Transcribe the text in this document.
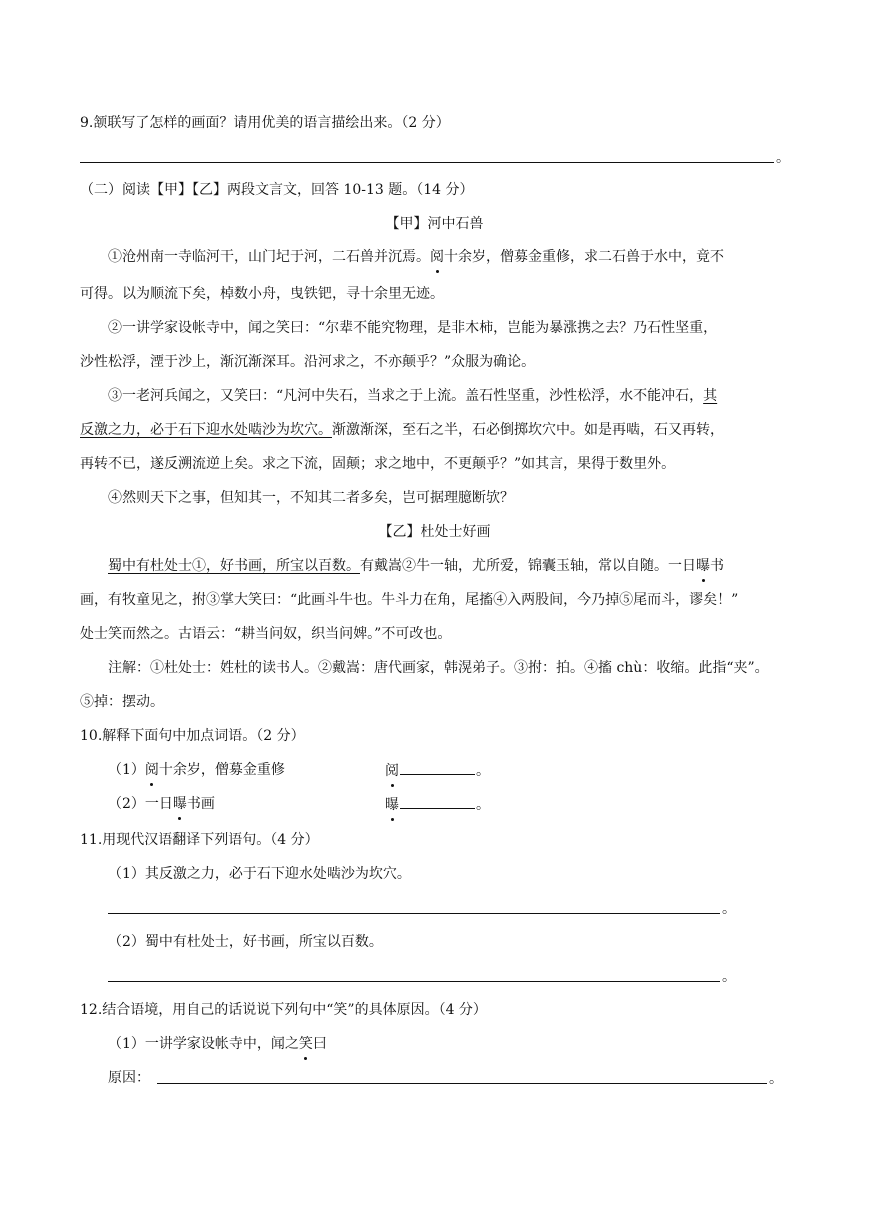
9.颔联写了怎样的画面？请用优美的语言描绘出来。（2 分）
。
（二）阅读【甲】【乙】两段文言文，回答 10-13 题。（14 分）
【甲】河中石兽
①沧州南一寺临河干，山门圮于河，二石兽并沉焉。阅十余岁，僧募金重修，求二石兽于水中，竟不
可得。以为顺流下矣，棹数小舟，曳铁钯，寻十余里无迹。
②一讲学家设帐寺中，闻之笑曰：“尔辈不能究物理，是非木柿，岂能为暴涨携之去？乃石性坚重，
沙性松浮，湮于沙上，渐沉渐深耳。沿河求之，不亦颠乎？”众服为确论。
③一老河兵闻之，又笑曰：“凡河中失石，当求之于上流。盖石性坚重，沙性松浮，水不能冲石，其
反激之力，必于石下迎水处啮沙为坎穴。渐激渐深，至石之半，石必倒掷坎穴中。如是再啮，石又再转，
再转不已，遂反溯流逆上矣。求之下流，固颠；求之地中，不更颠乎？”如其言，果得于数里外。
④然则天下之事，但知其一，不知其二者多矣，岂可据理臆断欤？
【乙】杜处士好画
蜀中有杜处士①，好书画，所宝以百数。有戴嵩②牛一轴，尤所爱，锦囊玉轴，常以自随。一日曝书
画，有牧童见之，拊③掌大笑曰：“此画斗牛也。牛斗力在角，尾搐④入两股间，今乃掉⑤尾而斗，谬矣！”
处士笑而然之。古语云：“耕当问奴，织当问婢。”不可改也。
注解：①杜处士：姓杜的读书人。②戴嵩：唐代画家，韩滉弟子。③拊：拍。④搐 chù：收缩。此指“夹”。
⑤掉：摆动。
10.解释下面句中加点词语。（2 分）
（1）阅十余岁，僧募金重修	阅	。
（2）一日曝书画	曝	。
11.用现代汉语翻译下列语句。（4 分）
（1）其反激之力，必于石下迎水处啮沙为坎穴。
。
（2）蜀中有杜处士，好书画，所宝以百数。
。
12.结合语境，用自己的话说说下列句中“笑”的具体原因。（4 分）
（1）一讲学家设帐寺中，闻之笑曰
原因：	。
